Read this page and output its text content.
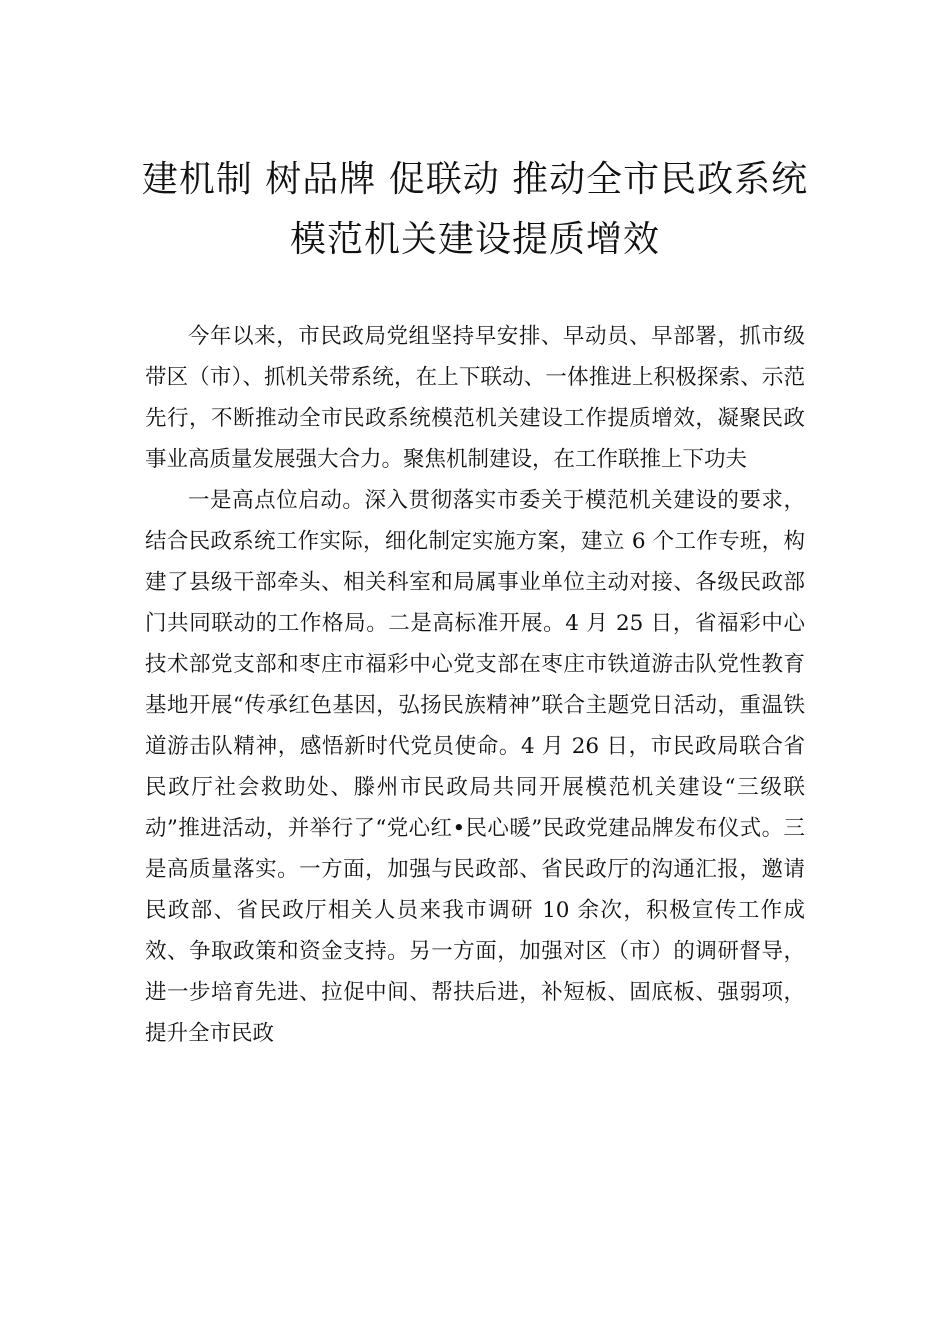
建机制 树品牌 促联动 推动全市民政系统
模范机关建设提质增效

今年以来，市民政局党组坚持早安排、早动员、早部署，抓市级带区（市）、抓机关带系统，在上下联动、一体推进上积极探索、示范先行，不断推动全市民政系统模范机关建设工作提质增效，凝聚民政事业高质量发展强大合力。聚焦机制建设，在工作联推上下功夫

一是高点位启动。深入贯彻落实市委关于模范机关建设的要求，结合民政系统工作实际，细化制定实施方案，建立 6 个工作专班，构建了县级干部牵头、相关科室和局属事业单位主动对接、各级民政部门共同联动的工作格局。二是高标准开展。4 月 25 日，省福彩中心技术部党支部和枣庄市福彩中心党支部在枣庄市铁道游击队党性教育基地开展“传承红色基因，弘扬民族精神”联合主题党日活动，重温铁道游击队精神，感悟新时代党员使命。4 月 26 日，市民政局联合省民政厅社会救助处、滕州市民政局共同开展模范机关建设“三级联动”推进活动，并举行了“党心红•民心暖”民政党建品牌发布仪式。三是高质量落实。一方面，加强与民政部、省民政厅的沟通汇报，邀请民政部、省民政厅相关人员来我市调研 10 余次，积极宣传工作成效、争取政策和资金支持。另一方面，加强对区（市）的调研督导，进一步培育先进、拉促中间、帮扶后进，补短板、固底板、强弱项，提升全市民政
